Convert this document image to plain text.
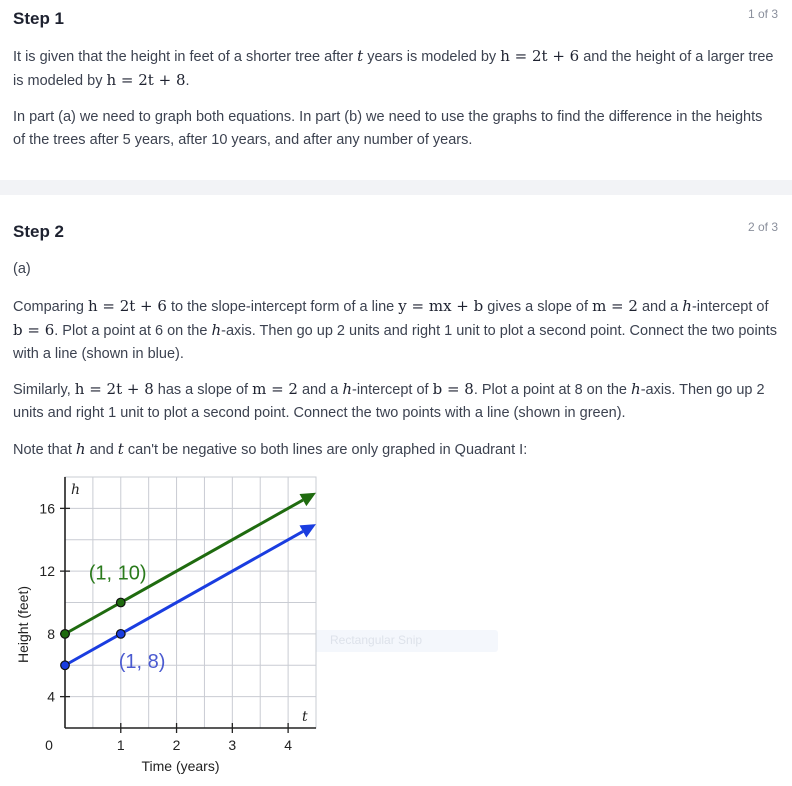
Step 1	1 of 3

It is given that the height in feet of a shorter tree after t years is modeled by h = 2t + 6 and the height of a larger tree is modeled by h = 2t + 8.

In part (a) we need to graph both equations. In part (b) we need to use the graphs to find the difference in the heights of the trees after 5 years, after 10 years, and after any number of years.

Step 2	2 of 3

(a)

Comparing h = 2t + 6 to the slope-intercept form of a line y = mx + b gives a slope of m = 2 and a h-intercept of b = 6. Plot a point at 6 on the h-axis. Then go up 2 units and right 1 unit to plot a second point. Connect the two points with a line (shown in blue).

Similarly, h = 2t + 8 has a slope of m = 2 and a h-intercept of b = 8. Plot a point at 8 on the h-axis. Then go up 2 units and right 1 unit to plot a second point. Connect the two points with a line (shown in green).

Note that h and t can't be negative so both lines are only graphed in Quadrant I:

Rectangular Snip
4
8
12
16
0	1	2	3	4
Time (years)
Height (feet)
h
t
(1, 10)
(1, 8)
